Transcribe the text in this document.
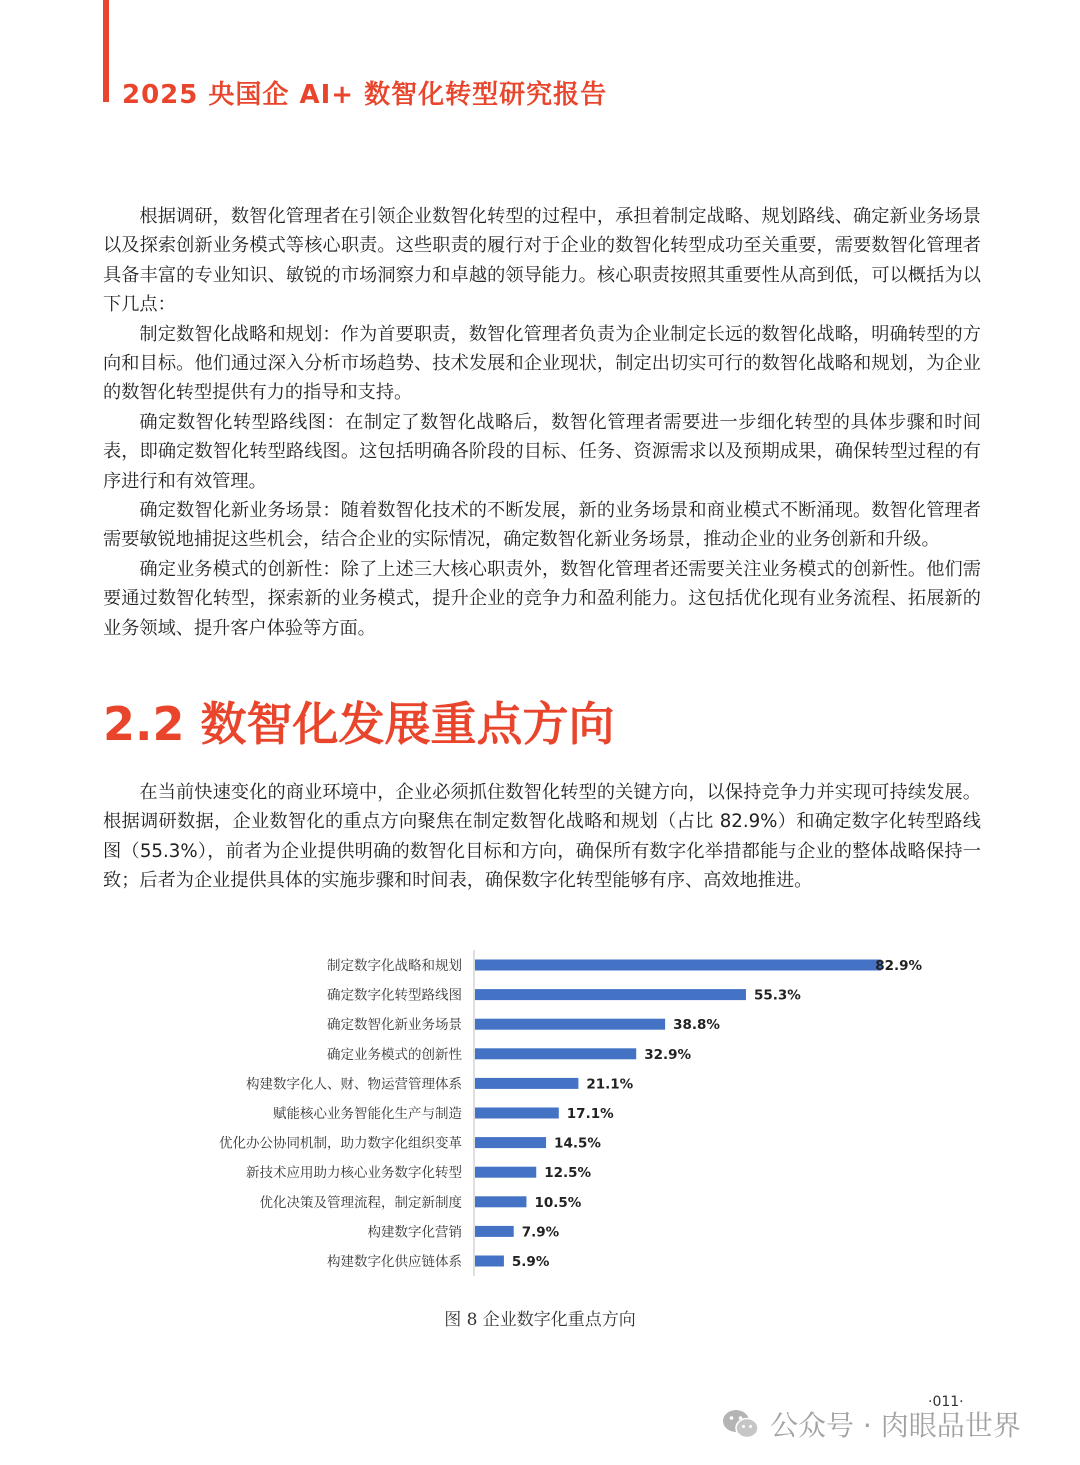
2025 央国企 AI+ 数智化转型研究报告

根据调研，数智化管理者在引领企业数智化转型的过程中，承担着制定战略、规划路线、确定新业务场景以及探索创新业务模式等核心职责。这些职责的履行对于企业的数智化转型成功至关重要，需要数智化管理者具备丰富的专业知识、敏锐的市场洞察力和卓越的领导能力。核心职责按照其重要性从高到低，可以概括为以下几点：

制定数智化战略和规划：作为首要职责，数智化管理者负责为企业制定长远的数智化战略，明确转型的方向和目标。他们通过深入分析市场趋势、技术发展和企业现状，制定出切实可行的数智化战略和规划，为企业的数智化转型提供有力的指导和支持。

确定数智化转型路线图：在制定了数智化战略后，数智化管理者需要进一步细化转型的具体步骤和时间表，即确定数智化转型路线图。这包括明确各阶段的目标、任务、资源需求以及预期成果，确保转型过程的有序进行和有效管理。

确定数智化新业务场景：随着数智化技术的不断发展，新的业务场景和商业模式不断涌现。数智化管理者需要敏锐地捕捉这些机会，结合企业的实际情况，确定数智化新业务场景，推动企业的业务创新和升级。

确定业务模式的创新性：除了上述三大核心职责外，数智化管理者还需要关注业务模式的创新性。他们需要通过数智化转型，探索新的业务模式，提升企业的竞争力和盈利能力。这包括优化现有业务流程、拓展新的业务领域、提升客户体验等方面。

2.2 数智化发展重点方向

在当前快速变化的商业环境中，企业必须抓住数智化转型的关键方向，以保持竞争力并实现可持续发展。根据调研数据，企业数智化的重点方向聚焦在制定数智化战略和规划（占比 82.9%）和确定数字化转型路线图（55.3%），前者为企业提供明确的数智化目标和方向，确保所有数字化举措都能与企业的整体战略保持一致；后者为企业提供具体的实施步骤和时间表，确保数字化转型能够有序、高效地推进。

制定数字化战略和规划	82.9%
确定数字化转型路线图	55.3%
确定数智化新业务场景	38.8%
确定业务模式的创新性	32.9%
构建数字化人、财、物运营管理体系	21.1%
赋能核心业务智能化生产与制造	17.1%
优化办公协同机制，助力数字化组织变革	14.5%
新技术应用助力核心业务数字化转型	12.5%
优化决策及管理流程，制定新制度	10.5%
构建数字化营销	7.9%
构建数字化供应链体系	5.9%

图 8 企业数字化重点方向

·011·

公众号 · 肉眼品世界
